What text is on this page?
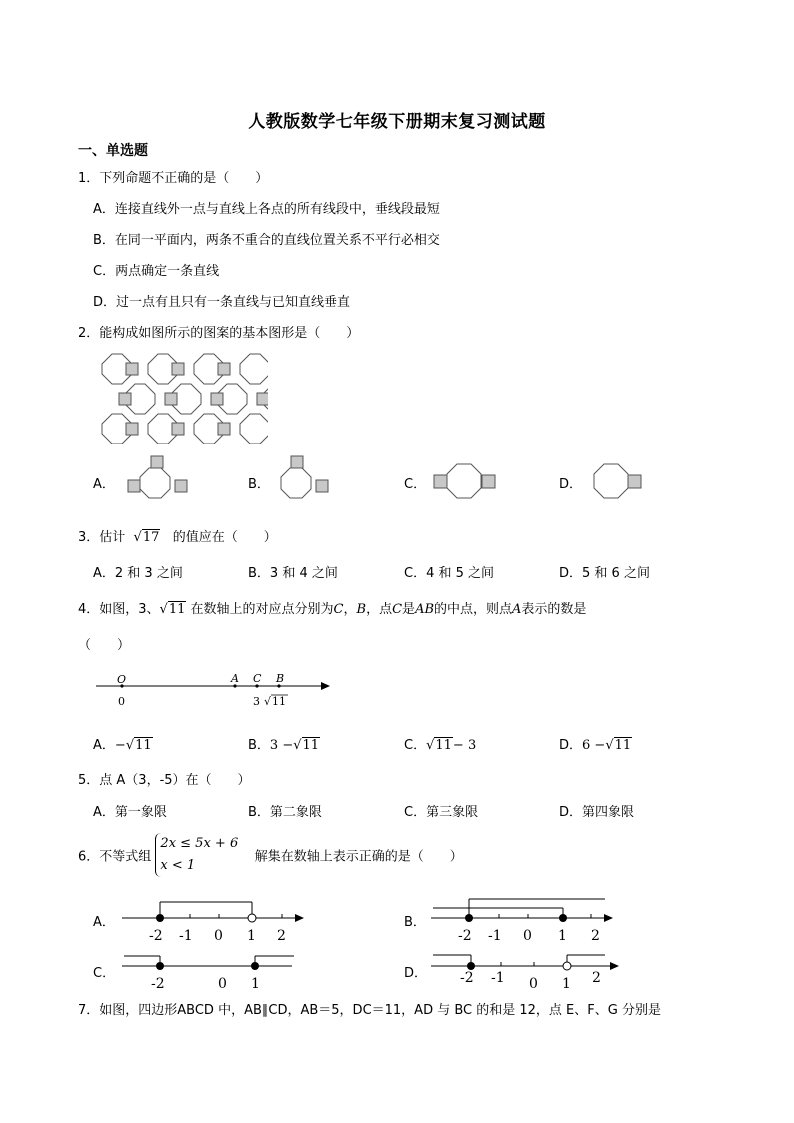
人教版数学七年级下册期末复习测试题
一、单选题
1．下列命题不正确的是（　　）
A．连接直线外一点与直线上各点的所有线段中，垂线段最短
B．在同一平面内，两条不重合的直线位置关系不平行必相交
C．两点确定一条直线
D．过一点有且只有一条直线与已知直线垂直
2．能构成如图所示的图案的基本图形是（　　）
A．	B．	C．	D．
3．估计 √17 的值应在（　　）
A．2 和 3 之间	B．3 和 4 之间	C．4 和 5 之间	D．5 和 6 之间
4．如图，3、√11 在数轴上的对应点分别为C，B，点C是AB的中点，则点A表示的数是
（　　）
O	A C B
0	3 √ 11
A．−√11	B．3 −√11	C．√11− 3	D．6 −√11
5．点 A（3，-5）在（　　）
A．第一象限	B．第二象限	C．第三象限	D．第四象限
6．不等式组 2x ≤ 5x + 6
x < 1    解集在数轴上表示正确的是（　　）
A．
-2 -1 0 1 2
B．
-2 -1 0 1 2
C．
-2	0 1
D． -2 -1 0 1 2
7．如图，四边形ABCD 中，AB∥CD，AB＝5，DC＝11，AD 与 BC 的和是 12，点 E、F、G 分别是
